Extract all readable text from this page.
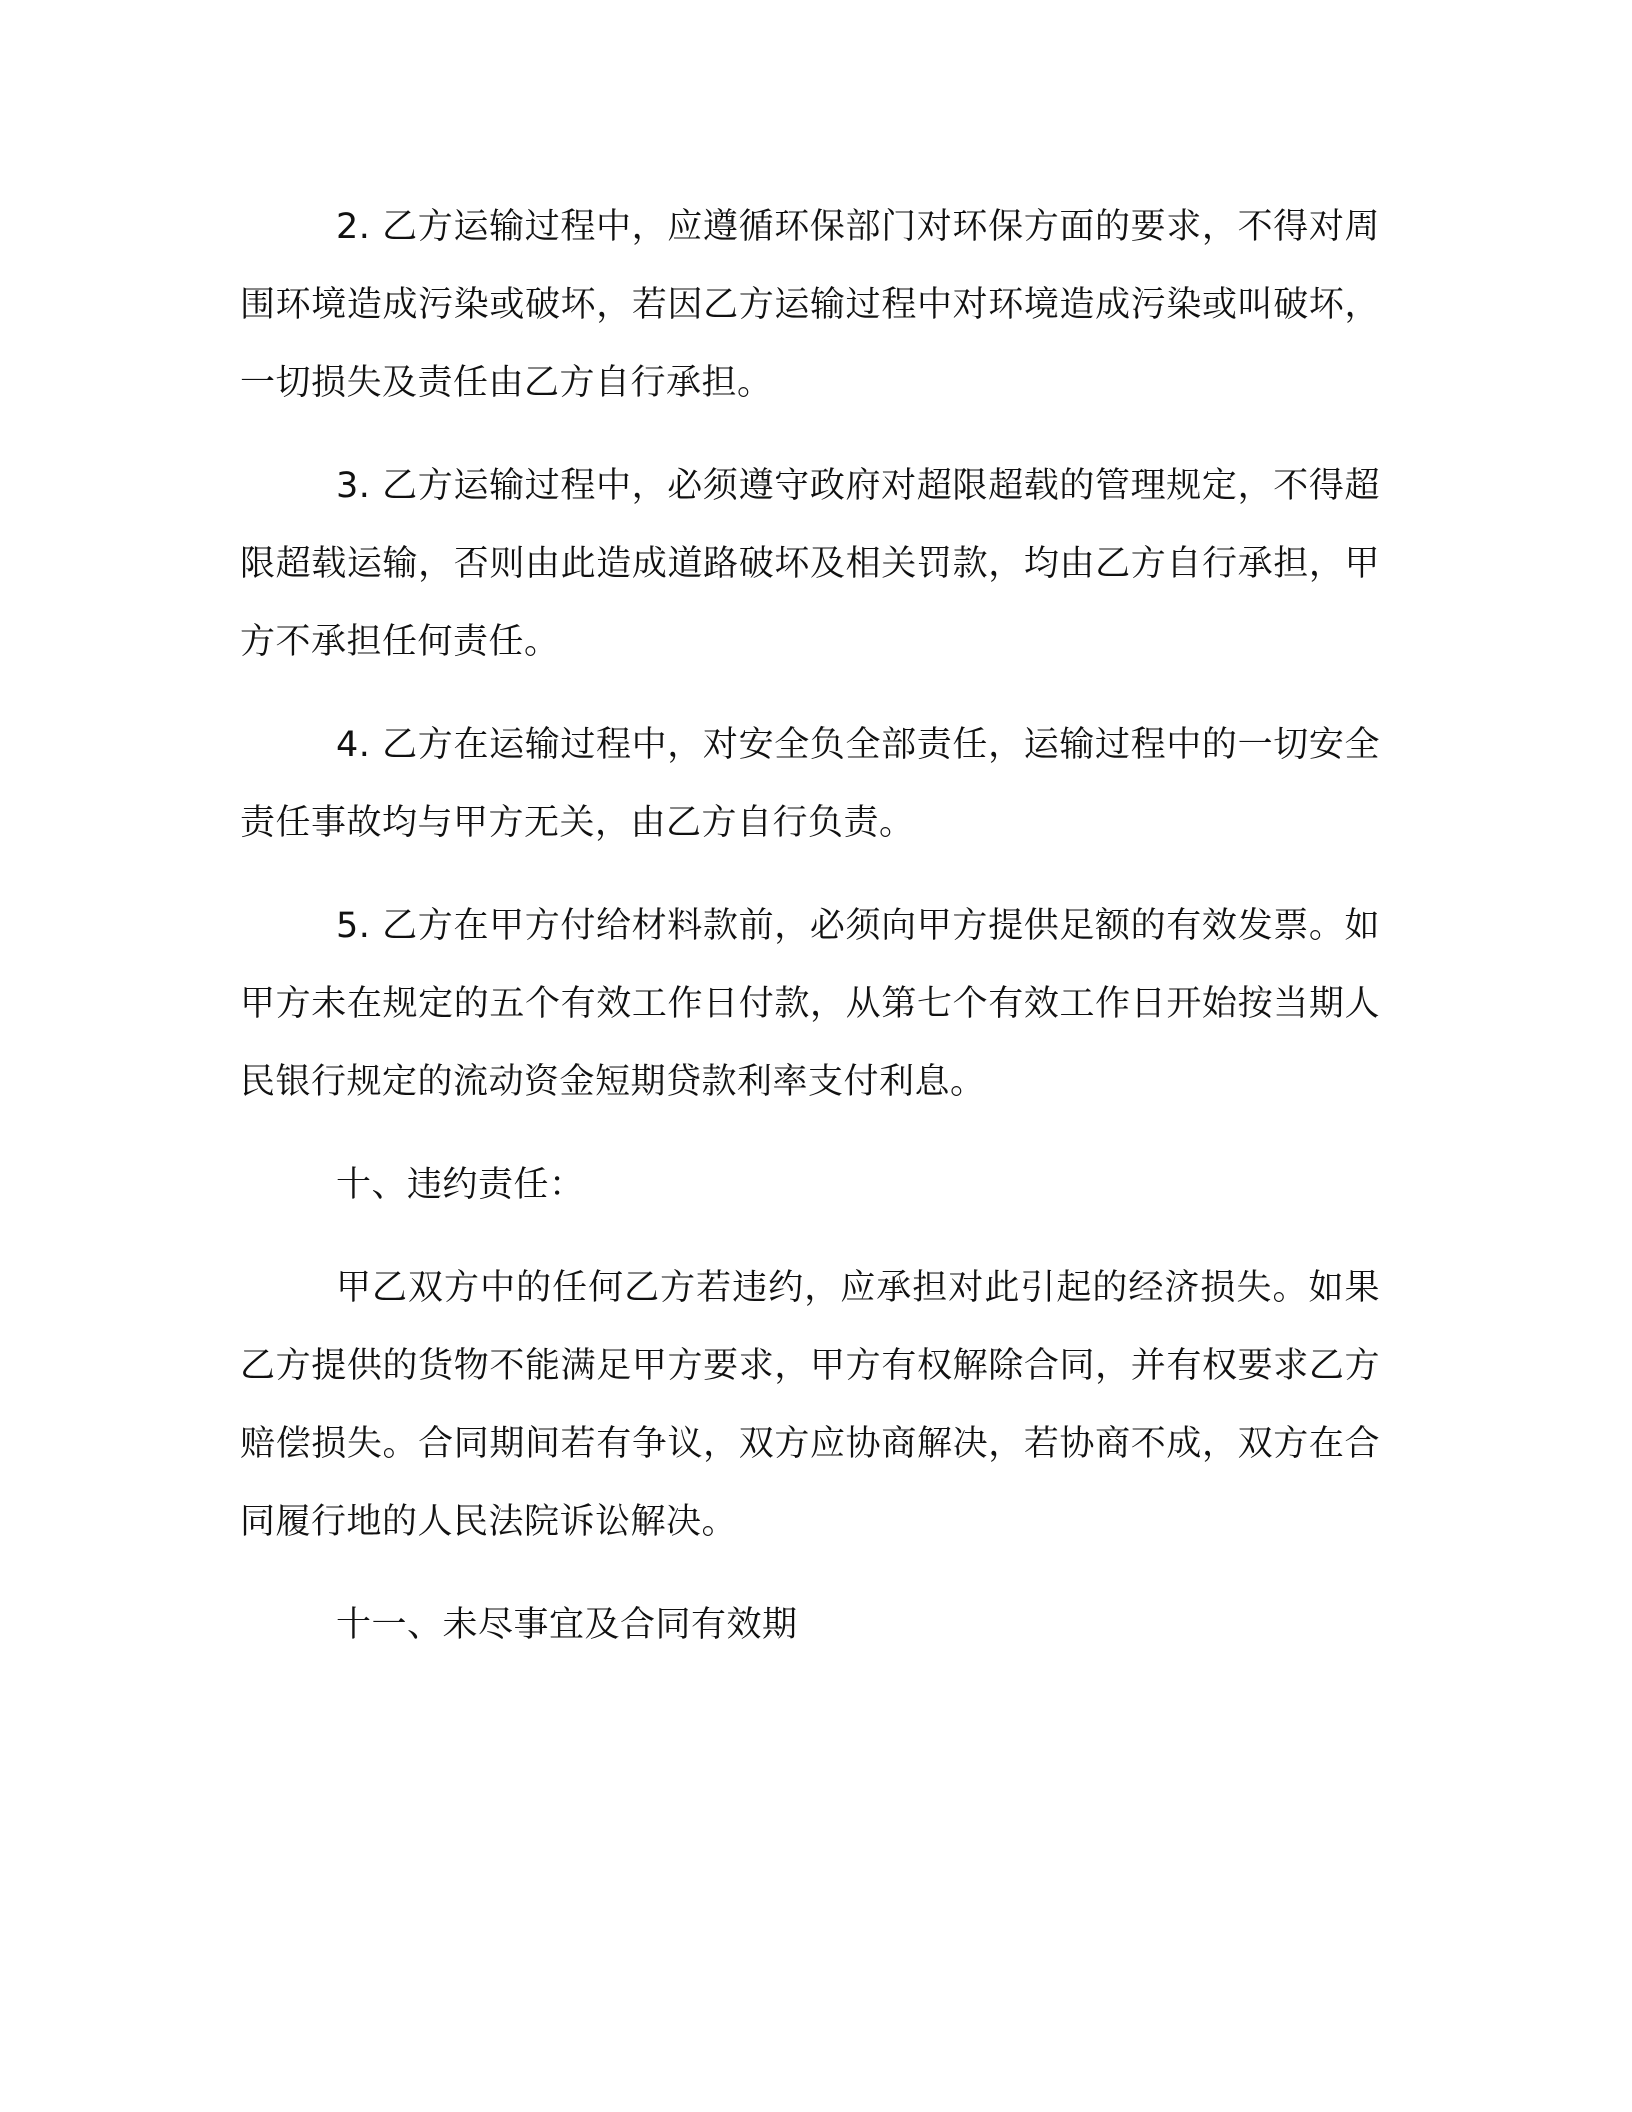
2. 乙方运输过程中，应遵循环保部门对环保方面的要求，不得对周围环境造成污染或破坏，若因乙方运输过程中对环境造成污染或叫破坏，一切损失及责任由乙方自行承担。

3. 乙方运输过程中，必须遵守政府对超限超载的管理规定，不得超限超载运输，否则由此造成道路破坏及相关罚款，均由乙方自行承担，甲方不承担任何责任。

4. 乙方在运输过程中，对安全负全部责任，运输过程中的一切安全责任事故均与甲方无关，由乙方自行负责。

5. 乙方在甲方付给材料款前，必须向甲方提供足额的有效发票。如甲方未在规定的五个有效工作日付款，从第七个有效工作日开始按当期人民银行规定的流动资金短期贷款利率支付利息。

十、违约责任：

甲乙双方中的任何乙方若违约，应承担对此引起的经济损失。如果乙方提供的货物不能满足甲方要求，甲方有权解除合同，并有权要求乙方赔偿损失。合同期间若有争议，双方应协商解决，若协商不成，双方在合同履行地的人民法院诉讼解决。

十一、未尽事宜及合同有效期
